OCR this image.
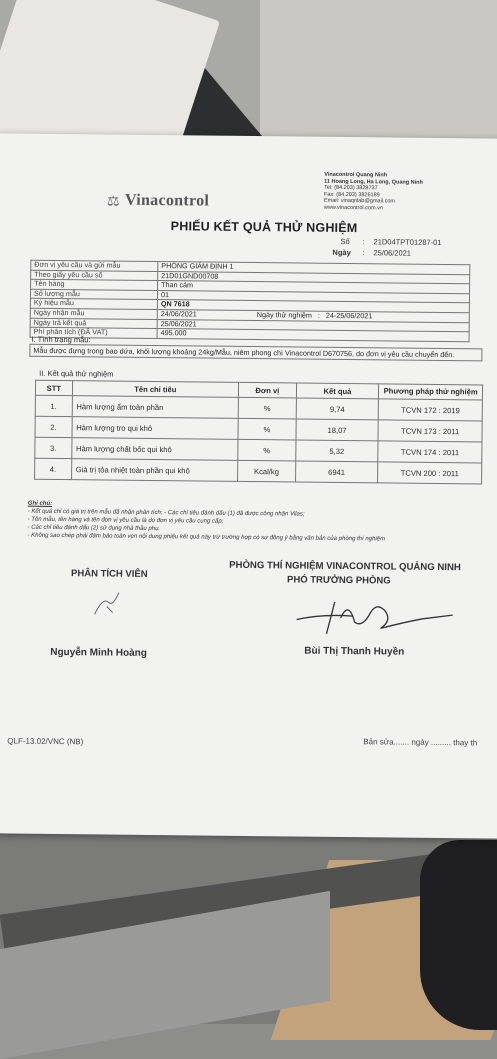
⚖ Vinacontrol
Vinacontrol Quang Ninh
11 Hoang Long, Ha Long, Quang Ninh
Tel: (84.203) 3828737
Fax: (84.203) 3826189
Email: vinaqnlab@gmail.com
www.vinacontrol.com.vn
PHIẾU KẾT QUẢ THỬ NGHIỆM
Số : 21D04TPT01287-01
Ngày : 25/06/2021
Đơn vị yêu cầu và gửi mẫu	PHÒNG GIÁM ĐỊNH 1
Theo giấy yêu cầu số	21D01GND00708
Tên hàng	Than cám
Số lượng mẫu	01
Ký hiệu mẫu	QN 7618
Ngày nhận mẫu	24/06/2021 Ngày thử nghiệm : 24-25/06/2021
Ngày trả kết quả	25/06/2021
Phí phân tích (ĐÃ VAT)	495.000
I. Tình trạng mẫu:
Mẫu được đựng trong bao dứa, khối lượng khoảng 24kg/Mẫu, niêm phong chì Vinacontrol D670756, do đơn vị yêu cầu chuyển đến.
II. Kết quả thử nghiệm
STT	Tên chỉ tiêu	Đơn vị	Kết quả	Phương pháp thử nghiệm
1.	Hàm lượng ẩm toàn phần	%	9,74	TCVN 172 : 2019
2.	Hàm lượng tro qui khô	%	18,07	TCVN 173 : 2011
3.	Hàm lượng chất bốc qui khô	%	5,32	TCVN 174 : 2011
4.	Giá trị tỏa nhiệt toàn phần qui khô	Kcal/kg	6941	TCVN 200 : 2011
Ghi chú:
- Kết quả chỉ có giá trị trên mẫu đã nhận phân tích; - Các chỉ tiêu đánh dấu (1) đã được công nhận Vilas;
- Tên mẫu, tên hàng và tên đơn vị yêu cầu là do đơn vị yêu cầu cung cấp;
- Các chỉ tiêu đánh dấu (2) sử dụng nhà thầu phụ.
- Không sao chép phải đảm bảo toàn vẹn nội dung phiếu kết quả này trừ trường hợp có sự đồng ý bằng văn bản của phòng thí nghiệm
PHÂN TÍCH VIÊN
PHÒNG THÍ NGHIỆM VINACONTROL QUẢNG NINH
PHÓ TRƯỞNG PHÒNG
Nguyễn Minh Hoàng	Bùi Thị Thanh Huyền
QLF-13.02/VNC (NB)	Bản sửa....... ngày ......... thay th
